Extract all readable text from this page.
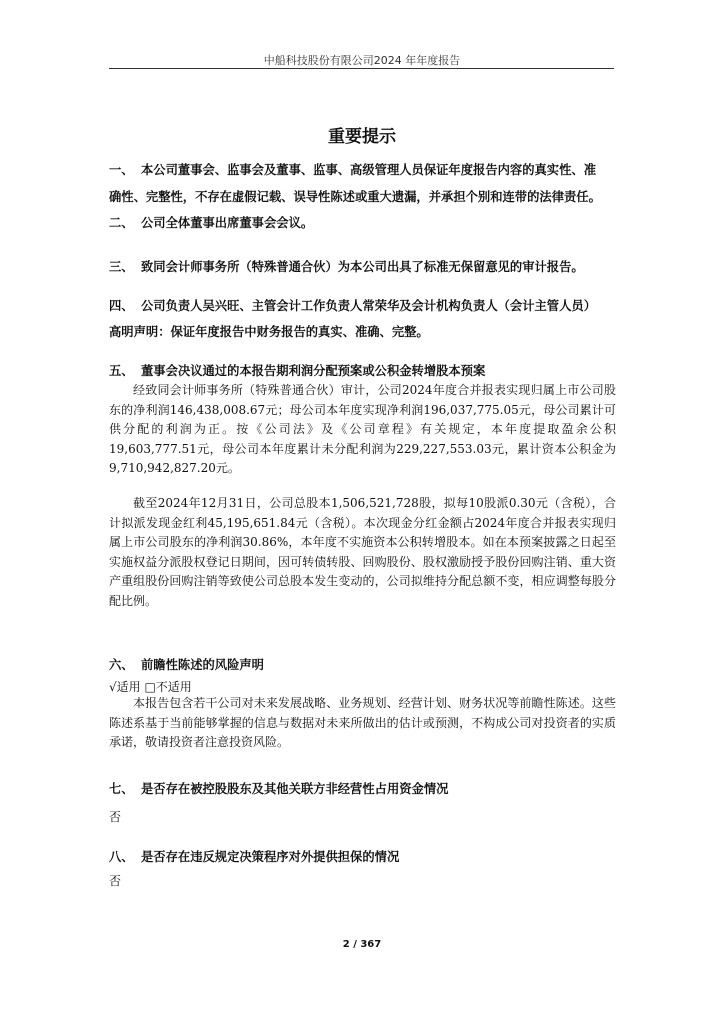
中船科技股份有限公司2024 年年度报告
重要提示
一、 本公司董事会、监事会及董事、监事、高级管理人员保证年度报告内容的真实性、准
确性、完整性，不存在虚假记载、误导性陈述或重大遗漏，并承担个别和连带的法律责任。
二、 公司全体董事出席董事会会议。
三、 致同会计师事务所（特殊普通合伙）为本公司出具了标准无保留意见的审计报告。
四、 公司负责人吴兴旺、主管会计工作负责人常荣华及会计机构负责人（会计主管人员）
高明声明：保证年度报告中财务报告的真实、准确、完整。
五、 董事会决议通过的本报告期利润分配预案或公积金转增股本预案
经致同会计师事务所（特殊普通合伙）审计，公司2024年度合并报表实现归属上市公司股东的净利润146,438,008.67元；母公司本年度实现净利润196,037,775.05元，母公司累计可供分配的利润为正。按《公司法》及《公司章程》有关规定，本年度提取盈余公积19,603,777.51元，母公司本年度累计未分配利润为229,227,553.03元，累计资本公积金为9,710,942,827.20元。
截至2024年12月31日，公司总股本1,506,521,728股，拟每10股派0.30元（含税），合计拟派发现金红利45,195,651.84元（含税）。本次现金分红金额占2024年度合并报表实现归属上市公司股东的净利润30.86%，本年度不实施资本公积转增股本。如在本预案披露之日起至实施权益分派股权登记日期间，因可转债转股、回购股份、股权激励授予股份回购注销、重大资产重组股份回购注销等致使公司总股本发生变动的，公司拟维持分配总额不变，相应调整每股分配比例。
六、 前瞻性陈述的风险声明
√适用 □不适用
本报告包含若干公司对未来发展战略、业务规划、经营计划、财务状况等前瞻性陈述。这些陈述系基于当前能够掌握的信息与数据对未来所做出的估计或预测，不构成公司对投资者的实质承诺，敬请投资者注意投资风险。
七、 是否存在被控股股东及其他关联方非经营性占用资金情况
否
八、 是否存在违反规定决策程序对外提供担保的情况
否
2 / 367
